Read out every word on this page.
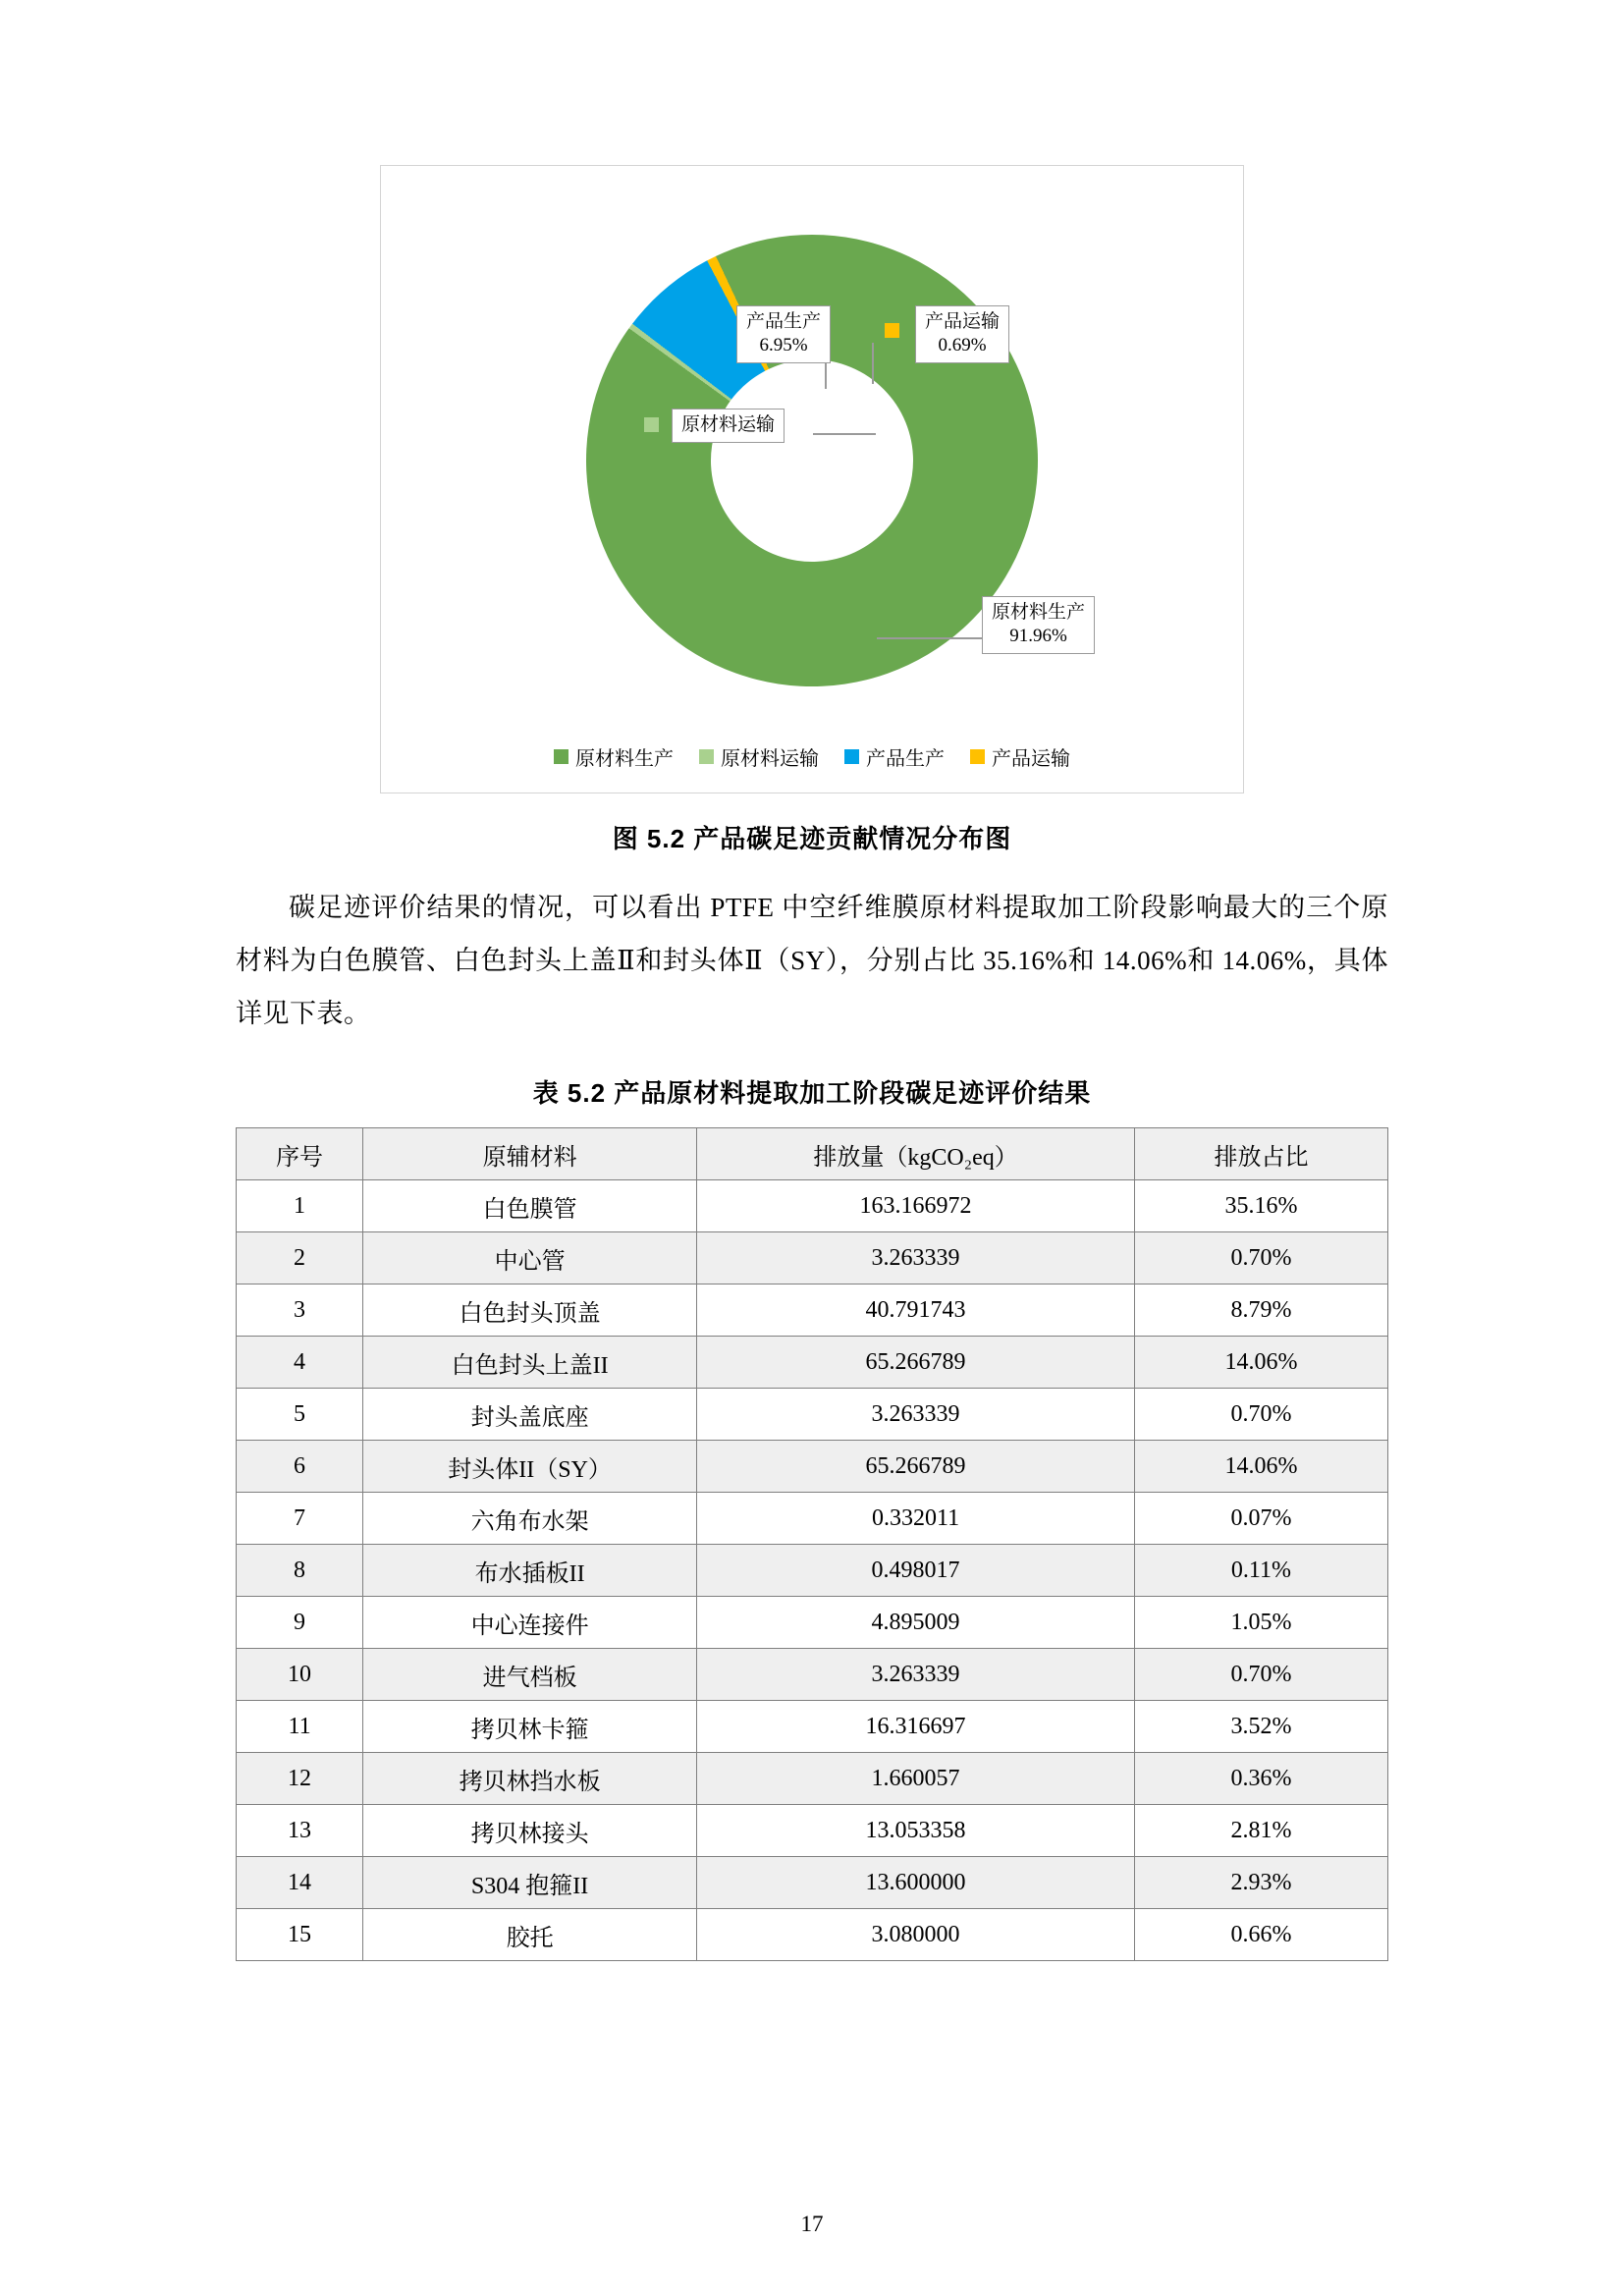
产品生产
6.95%
产品运输
0.69%
原材料运输
原材料生产
91.96%
原材料生产 原材料运输 产品生产 产品运输
图 5.2 产品碳足迹贡献情况分布图

碳足迹评价结果的情况，可以看出 PTFE 中空纤维膜原材料提取加工阶段影响最大的三个原材料为白色膜管、白色封头上盖Ⅱ和封头体Ⅱ（SY），分别占比 35.16%和 14.06%和 14.06%，具体详见下表。

表 5.2 产品原材料提取加工阶段碳足迹评价结果
序号	原辅材料	排放量（kgCO₂eq）	排放占比
1	白色膜管	163.166972	35.16%
2	中心管	3.263339	0.70%
3	白色封头顶盖	40.791743	8.79%
4	白色封头上盖II	65.266789	14.06%
5	封头盖底座	3.263339	0.70%
6	封头体II（SY）	65.266789	14.06%
7	六角布水架	0.332011	0.07%
8	布水插板II	0.498017	0.11%
9	中心连接件	4.895009	1.05%
10	进气档板	3.263339	0.70%
11	拷贝林卡箍	16.316697	3.52%
12	拷贝林挡水板	1.660057	0.36%
13	拷贝林接头	13.053358	2.81%
14	S304 抱箍II	13.600000	2.93%
15	胶托	3.080000	0.66%
17
